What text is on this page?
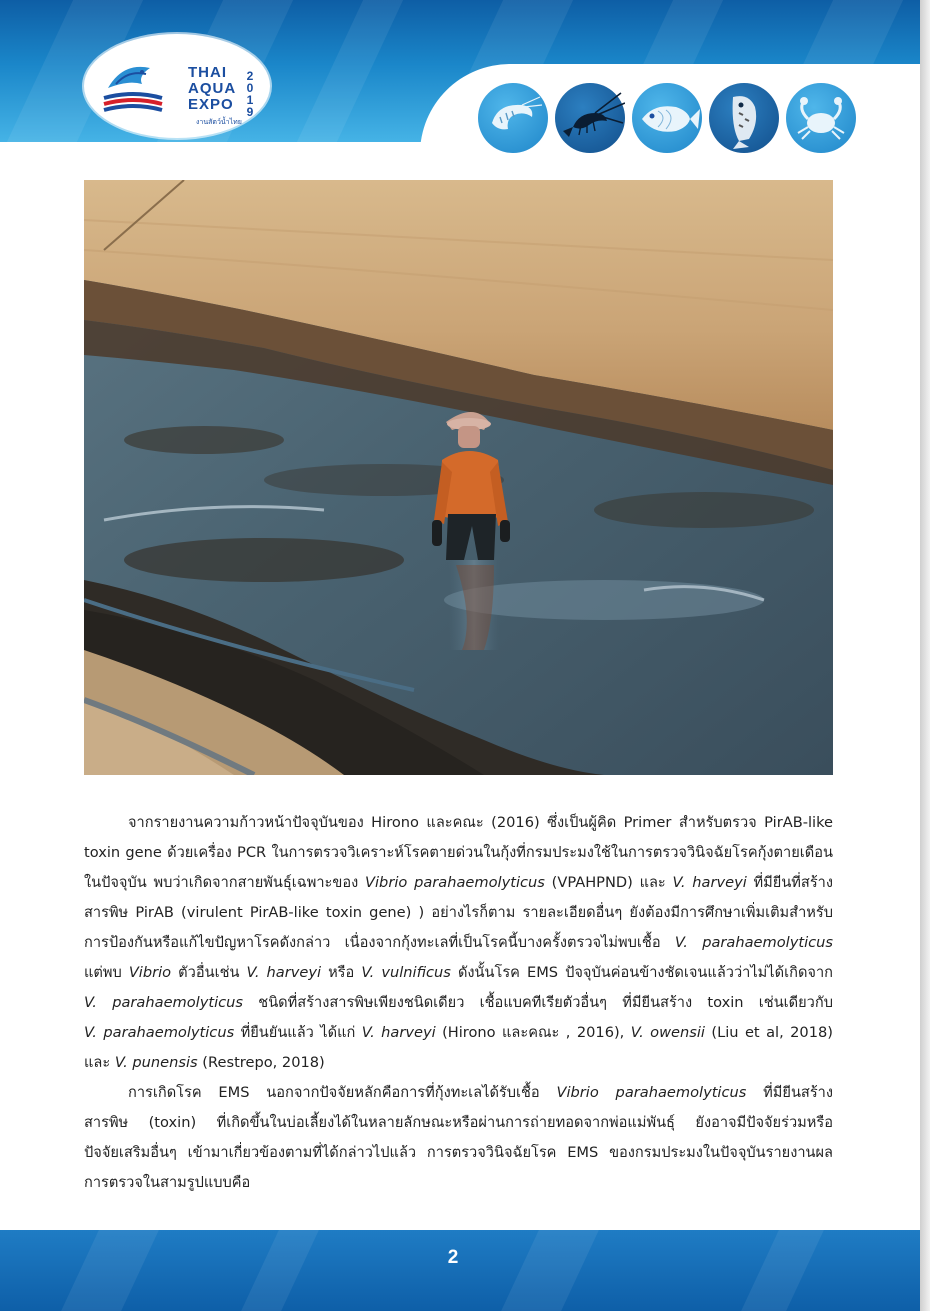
THAI
AQUA
EXPO
2
0
1
9
งานสัตว์น้ำไทย
จากรายงานความก้าวหน้าปัจจุบันของ Hirono และคณะ (2016) ซึ่งเป็นผู้คิด Primer สำหรับตรวจ PirAB-like
toxin gene ด้วยเครื่อง PCR ในการตรวจวิเคราะห์โรคตายด่วนในกุ้งที่กรมประมงใช้ในการตรวจวินิจฉัยโรคกุ้งตายเดือน
ในปัจจุบัน พบว่าเกิดจากสายพันธุ์เฉพาะของ Vibrio parahaemolyticus (VPAHPND) และ V. harveyi ที่มียีนที่สร้าง
สารพิษ PirAB (virulent PirAB-like toxin gene) ) อย่างไรก็ตาม รายละเอียดอื่นๆ ยังต้องมีการศึกษาเพิ่มเติมสำหรับ
การป้องกันหรือแก้ไขปัญหาโรคดังกล่าว เนื่องจากกุ้งทะเลที่เป็นโรคนี้บางครั้งตรวจไม่พบเชื้อ V. parahaemolyticus
แต่พบ Vibrio ตัวอื่นเช่น V. harveyi หรือ V. vulnificus ดังนั้นโรค EMS ปัจจุบันค่อนข้างชัดเจนแล้วว่าไม่ได้เกิดจาก
V. parahaemolyticus ชนิดที่สร้างสารพิษเพียงชนิดเดียว เชื้อแบคทีเรียตัวอื่นๆ ที่มียีนสร้าง toxin เช่นเดียวกับ
V. parahaemolyticus ที่ยืนยันแล้ว ได้แก่ V. harveyi (Hirono และคณะ , 2016), V. owensii (Liu et al, 2018)
และ V. punensis (Restrepo, 2018)
การเกิดโรค EMS นอกจากปัจจัยหลักคือการที่กุ้งทะเลได้รับเชื้อ Vibrio parahaemolyticus ที่มียีนสร้าง
สารพิษ (toxin) ที่เกิดขึ้นในบ่อเลี้ยงได้ในหลายลักษณะหรือผ่านการถ่ายทอดจากพ่อแม่พันธุ์ ยังอาจมีปัจจัยร่วมหรือ
ปัจจัยเสริมอื่นๆ เข้ามาเกี่ยวข้องตามที่ได้กล่าวไปแล้ว การตรวจวินิจฉัยโรค EMS ของกรมประมงในปัจจุบันรายงานผล
การตรวจในสามรูปแบบคือ
2
